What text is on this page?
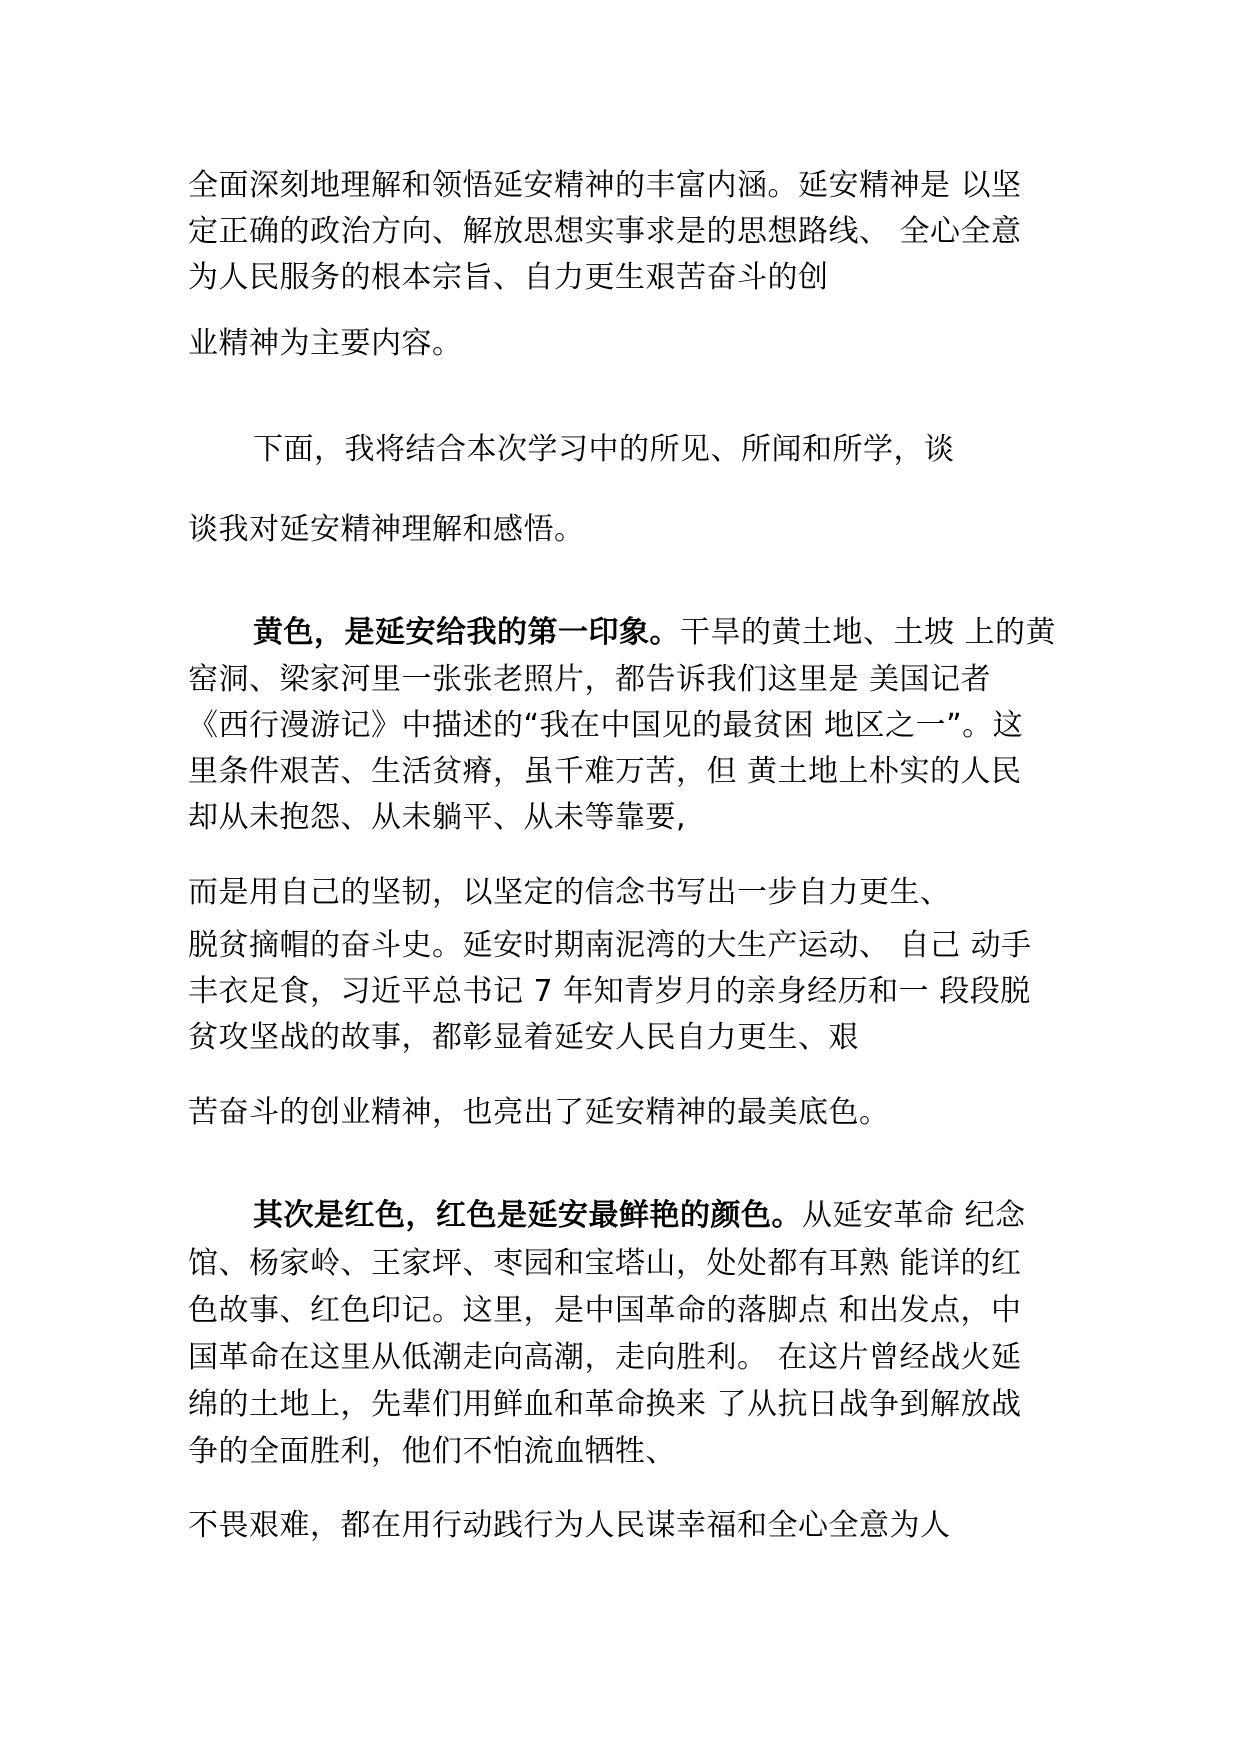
全面深刻地理解和领悟延安精神的丰富内涵。延安精神是 以坚
定正确的政治方向、解放思想实事求是的思想路线、 全心全意
为人民服务的根本宗旨、自力更生艰苦奋斗的创
业精神为主要内容。
下面，我将结合本次学习中的所见、所闻和所学，谈
谈我对延安精神理解和感悟。
黄色，是延安给我的第一印象。干旱的黄土地、土坡 上的黄
窑洞、梁家河里一张张老照片，都告诉我们这里是 美国记者
《西行漫游记》中描述的“我在中国见的最贫困 地区之一”。这
里条件艰苦、生活贫瘠，虽千难万苦，但 黄土地上朴实的人民
却从未抱怨、从未躺平、从未等靠要,
而是用自己的坚韧，以坚定的信念书写出一步自力更生、
脱贫摘帽的奋斗史。延安时期南泥湾的大生产运动、 自己 动手
丰衣足食，习近平总书记 7 年知青岁月的亲身经历和一 段段脱
贫攻坚战的故事，都彰显着延安人民自力更生、艰
苦奋斗的创业精神，也亮出了延安精神的最美底色。
其次是红色，红色是延安最鲜艳的颜色。从延安革命 纪念
馆、杨家岭、王家坪、枣园和宝塔山，处处都有耳熟 能详的红
色故事、红色印记。这里，是中国革命的落脚点 和出发点，中
国革命在这里从低潮走向高潮，走向胜利。 在这片曾经战火延
绵的土地上，先辈们用鲜血和革命换来 了从抗日战争到解放战
争的全面胜利，他们不怕流血牺牲、
不畏艰难，都在用行动践行为人民谋幸福和全心全意为人
